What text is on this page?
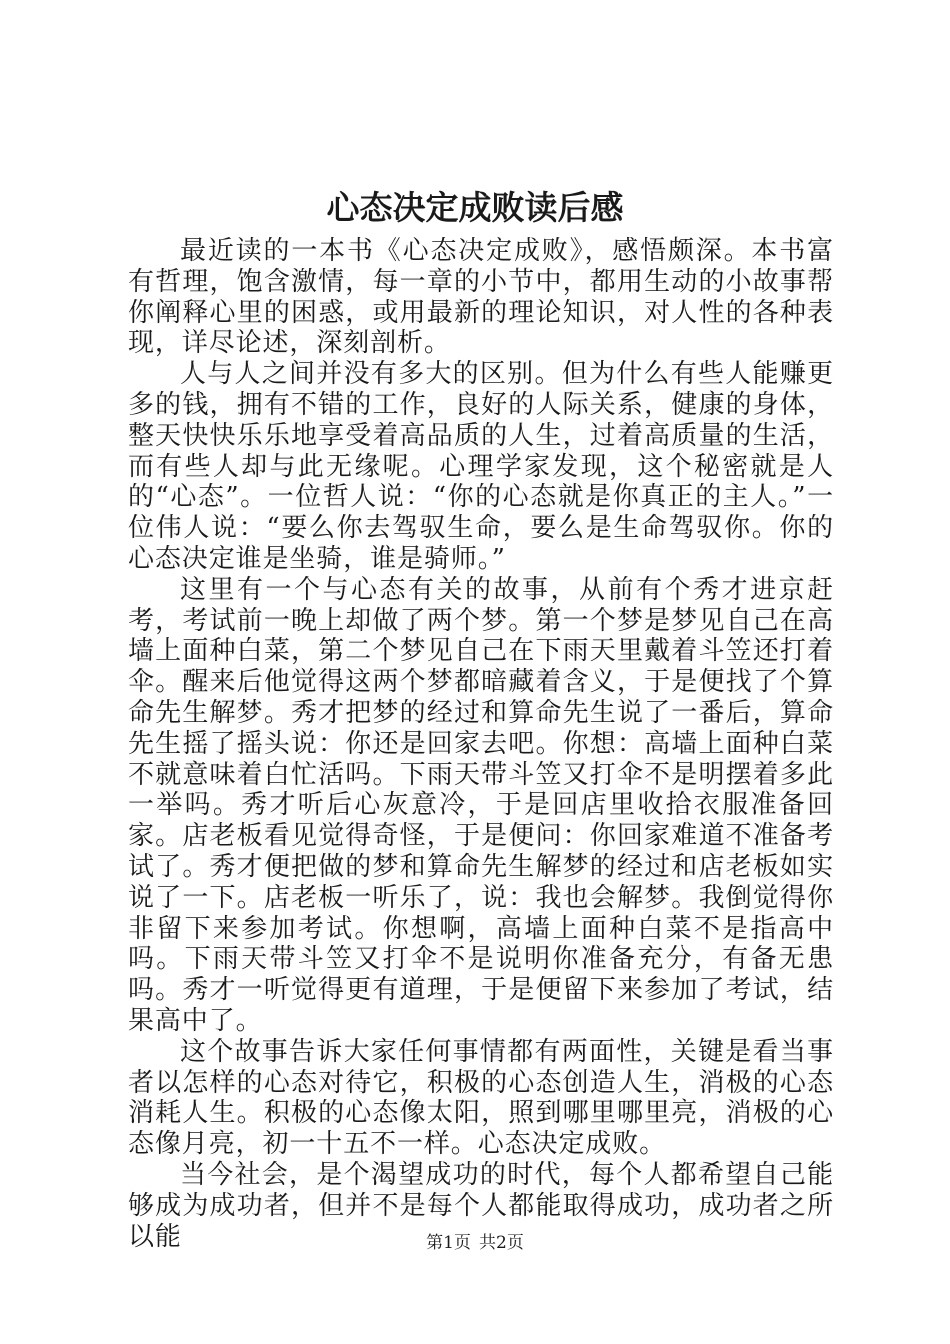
心态决定成败读后感

最近读的一本书《心态决定成败》，感悟颇深。本书富有哲理，饱含激情，每一章的小节中，都用生动的小故事帮你阐释心里的困惑，或用最新的理论知识，对人性的各种表现，详尽论述，深刻剖析。

人与人之间并没有多大的区别。但为什么有些人能赚更多的钱，拥有不错的工作，良好的人际关系，健康的身体，整天快快乐乐地享受着高品质的人生，过着高质量的生活，而有些人却与此无缘呢。心理学家发现，这个秘密就是人的“心态”。一位哲人说：“你的心态就是你真正的主人。”一位伟人说：“要么你去驾驭生命，要么是生命驾驭你。你的心态决定谁是坐骑，谁是骑师。”

这里有一个与心态有关的故事，从前有个秀才进京赶考，考试前一晚上却做了两个梦。第一个梦是梦见自己在高墙上面种白菜，第二个梦见自己在下雨天里戴着斗笠还打着伞。醒来后他觉得这两个梦都暗藏着含义，于是便找了个算命先生解梦。秀才把梦的经过和算命先生说了一番后，算命先生摇了摇头说：你还是回家去吧。你想：高墙上面种白菜不就意味着白忙活吗。下雨天带斗笠又打伞不是明摆着多此一举吗。秀才听后心灰意冷，于是回店里收拾衣服准备回家。店老板看见觉得奇怪，于是便问：你回家难道不准备考试了。秀才便把做的梦和算命先生解梦的经过和店老板如实说了一下。店老板一听乐了，说：我也会解梦。我倒觉得你非留下来参加考试。你想啊，高墙上面种白菜不是指高中吗。下雨天带斗笠又打伞不是说明你准备充分，有备无患吗。秀才一听觉得更有道理，于是便留下来参加了考试，结果高中了。

这个故事告诉大家任何事情都有两面性，关键是看当事者以怎样的心态对待它，积极的心态创造人生，消极的心态消耗人生。积极的心态像太阳，照到哪里哪里亮，消极的心态像月亮，初一十五不一样。心态决定成败。

当今社会，是个渴望成功的时代，每个人都希望自己能够成为成功者，但并不是每个人都能取得成功，成功者之所以能	第1页 共2页
